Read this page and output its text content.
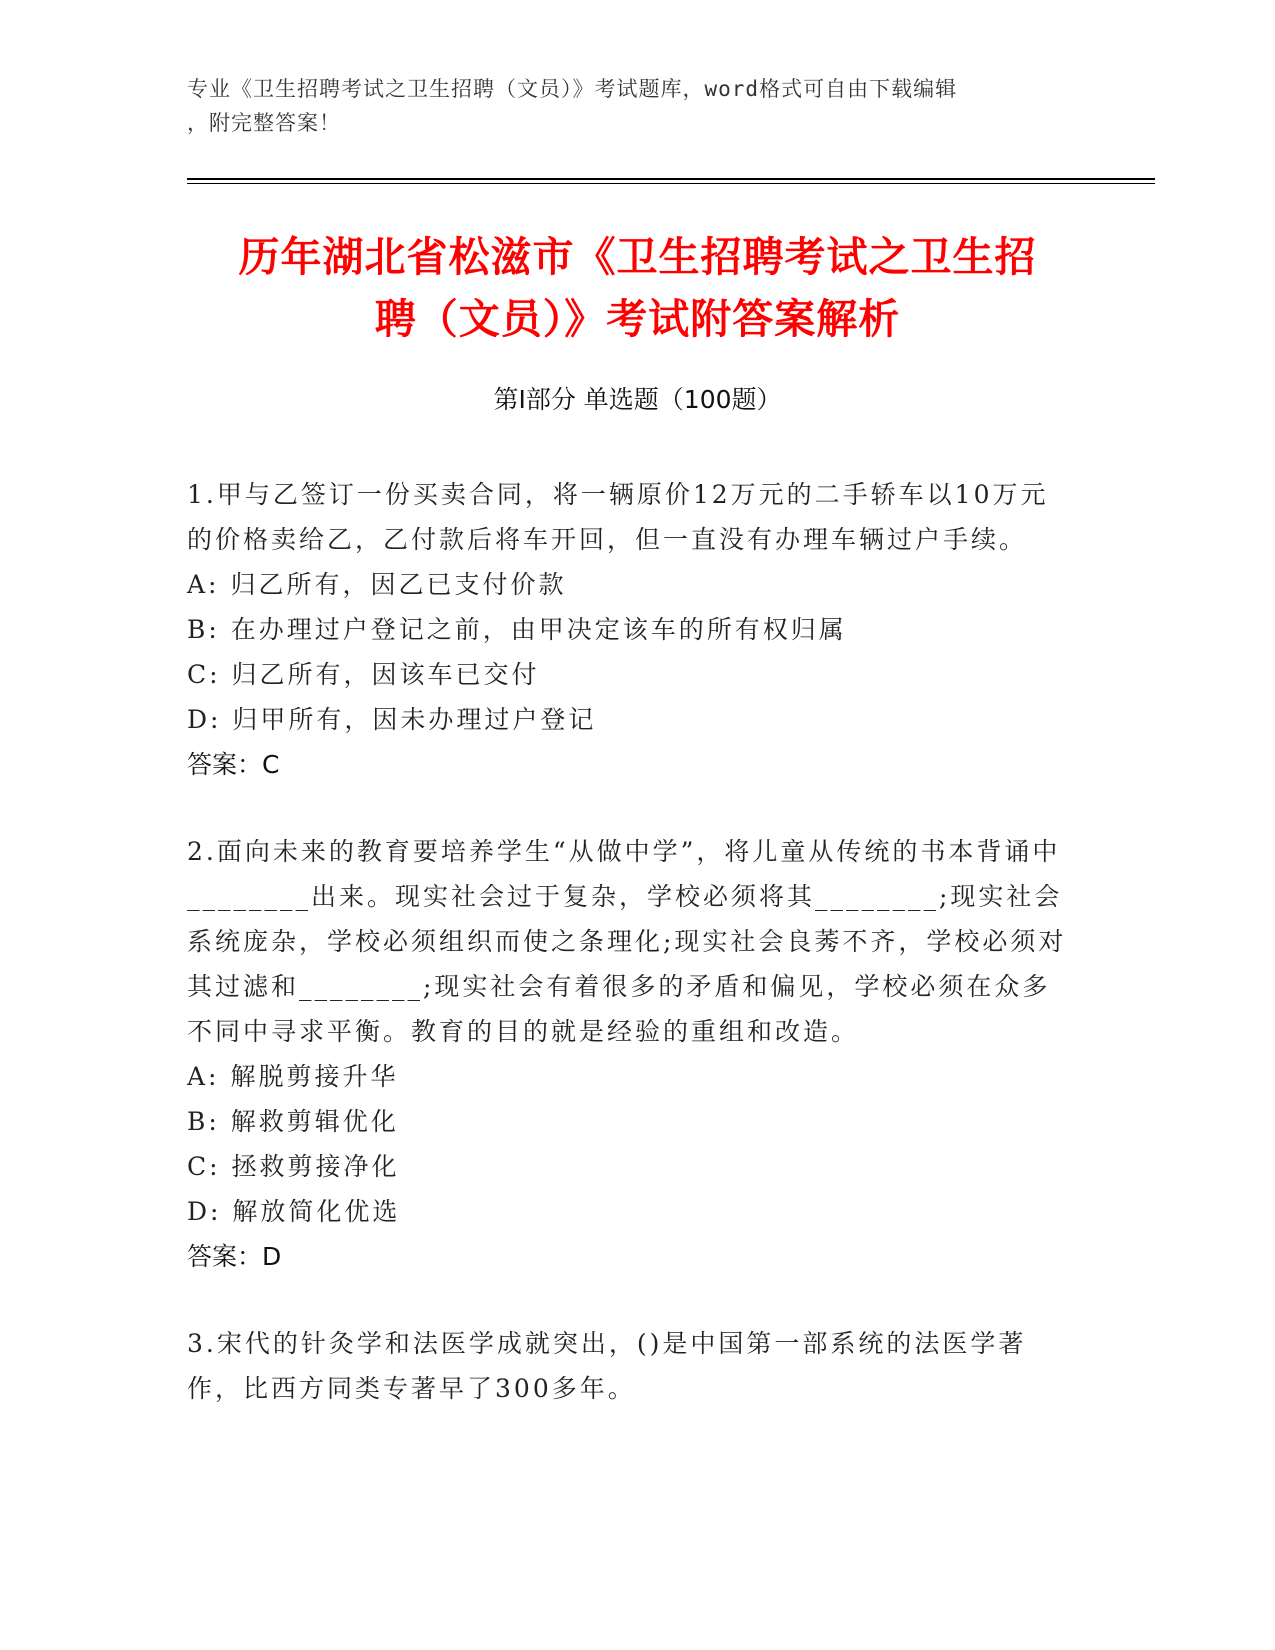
专业《卫生招聘考试之卫生招聘（文员）》考试题库，word格式可自由下载编辑
，附完整答案！
历年湖北省松滋市《卫生招聘考试之卫生招
聘（文员）》考试附答案解析
第Ⅰ部分 单选题（100题）

1.甲与乙签订一份买卖合同，将一辆原价12万元的二手轿车以10万元的价格卖给乙，乙付款后将车开回，但一直没有办理车辆过户手续。

A: 归乙所有，因乙已支付价款

B: 在办理过户登记之前，由甲决定该车的所有权归属

C: 归乙所有，因该车已交付

D: 归甲所有，因未办理过户登记

答案：C

2.面向未来的教育要培养学生“从做中学”，将儿童从传统的书本背诵中________出来。现实社会过于复杂，学校必须将其________;现实社会系统庞杂，学校必须组织而使之条理化;现实社会良莠不齐，学校必须对其过滤和________;现实社会有着很多的矛盾和偏见，学校必须在众多不同中寻求平衡。教育的目的就是经验的重组和改造。

A: 解脱剪接升华

B: 解救剪辑优化

C: 拯救剪接净化

D: 解放简化优选

答案：D

3.宋代的针灸学和法医学成就突出，()是中国第一部系统的法医学著作，比西方同类专著早了300多年。
